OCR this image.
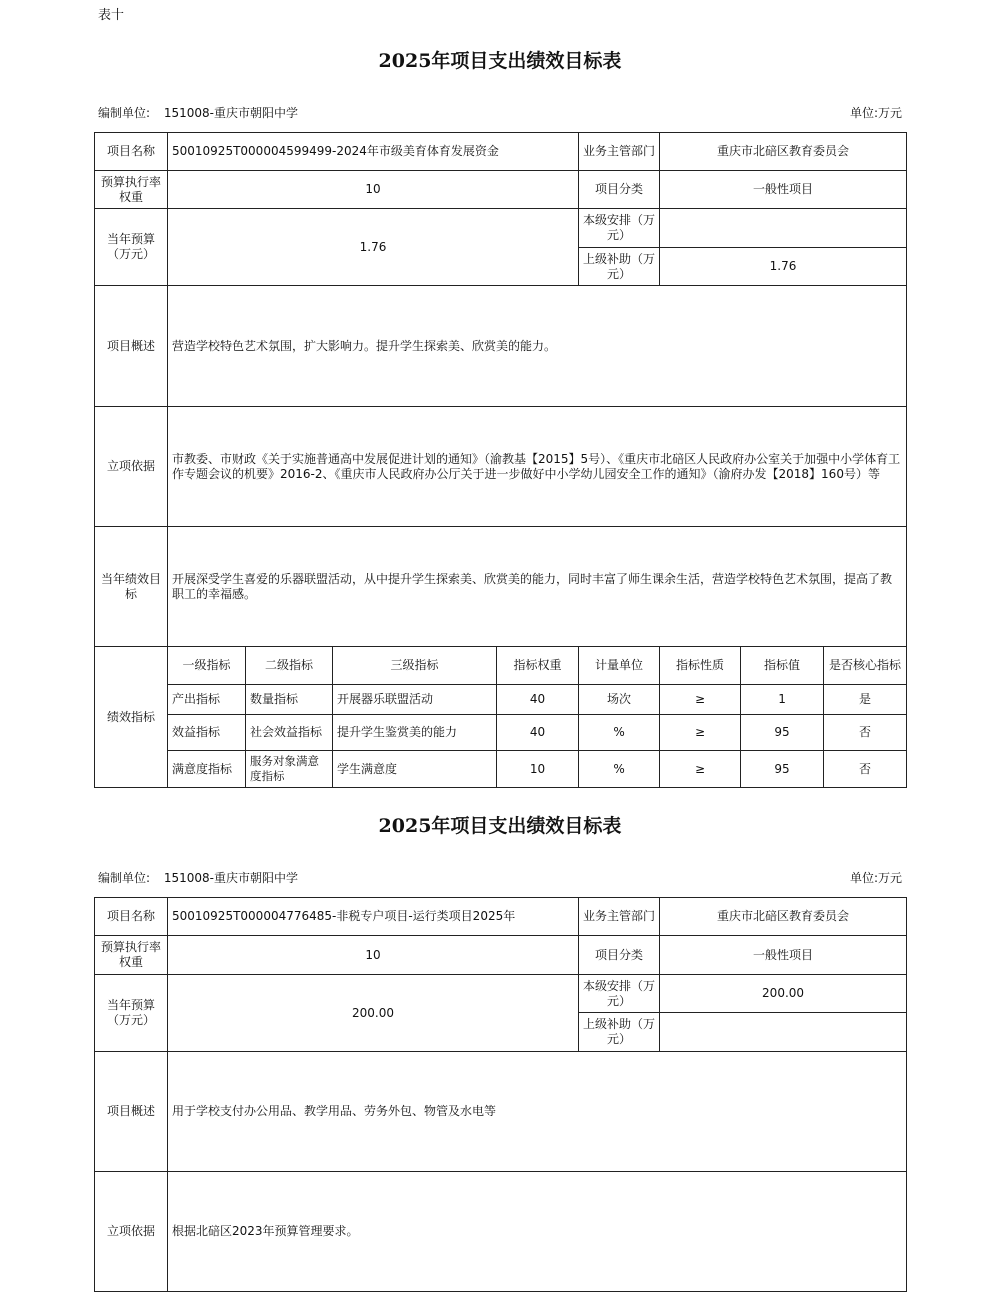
表十
2025年项目支出绩效目标表
编制单位: 151008-重庆市朝阳中学	单位:万元
项目名称	50010925T000004599499-2024年市级美育体育发展资金				业务主管部门	重庆市北碚区教育委员会		
预算执行率权重	10				项目分类	一般性项目		
当年预算（万元）	1.76				本级安排（万元）			
					上级补助（万元）	1.76		
项目概述	营造学校特色艺术氛围，扩大影响力。提升学生探索美、欣赏美的能力。							
立项依据	市教委、市财政《关于实施普通高中发展促进计划的通知》（渝教基【2015】5号）、《重庆市北碚区人民政府办公室关于加强中小学体育工作专题会议的机要》2016-2、《重庆市人民政府办公厅关于进一步做好中小学幼儿园安全工作的通知》（渝府办发【2018】160号）等							
当年绩效目标	开展深受学生喜爱的乐器联盟活动，从中提升学生探索美、欣赏美的能力，同时丰富了师生课余生活，营造学校特色艺术氛围，提高了教职工的幸福感。							
绩效指标	一级指标	二级指标	三级指标	指标权重	计量单位	指标性质	指标值	是否核心指标
	产出指标	数量指标	开展器乐联盟活动	40	场次	≥	1	是
	效益指标	社会效益指标	提升学生鉴赏美的能力	40	%	≥	95	否
	满意度指标	服务对象满意度指标	学生满意度	10	%	≥	95	否
2025年项目支出绩效目标表
编制单位: 151008-重庆市朝阳中学	单位:万元
项目名称	50010925T000004776485-非税专户项目-运行类项目2025年	业务主管部门	重庆市北碚区教育委员会
预算执行率权重	10	项目分类	一般性项目
当年预算（万元）	200.00	本级安排（万元）	200.00
		上级补助（万元）	
项目概述	用于学校支付办公用品、教学用品、劳务外包、物管及水电等		
立项依据	根据北碚区2023年预算管理要求。		
